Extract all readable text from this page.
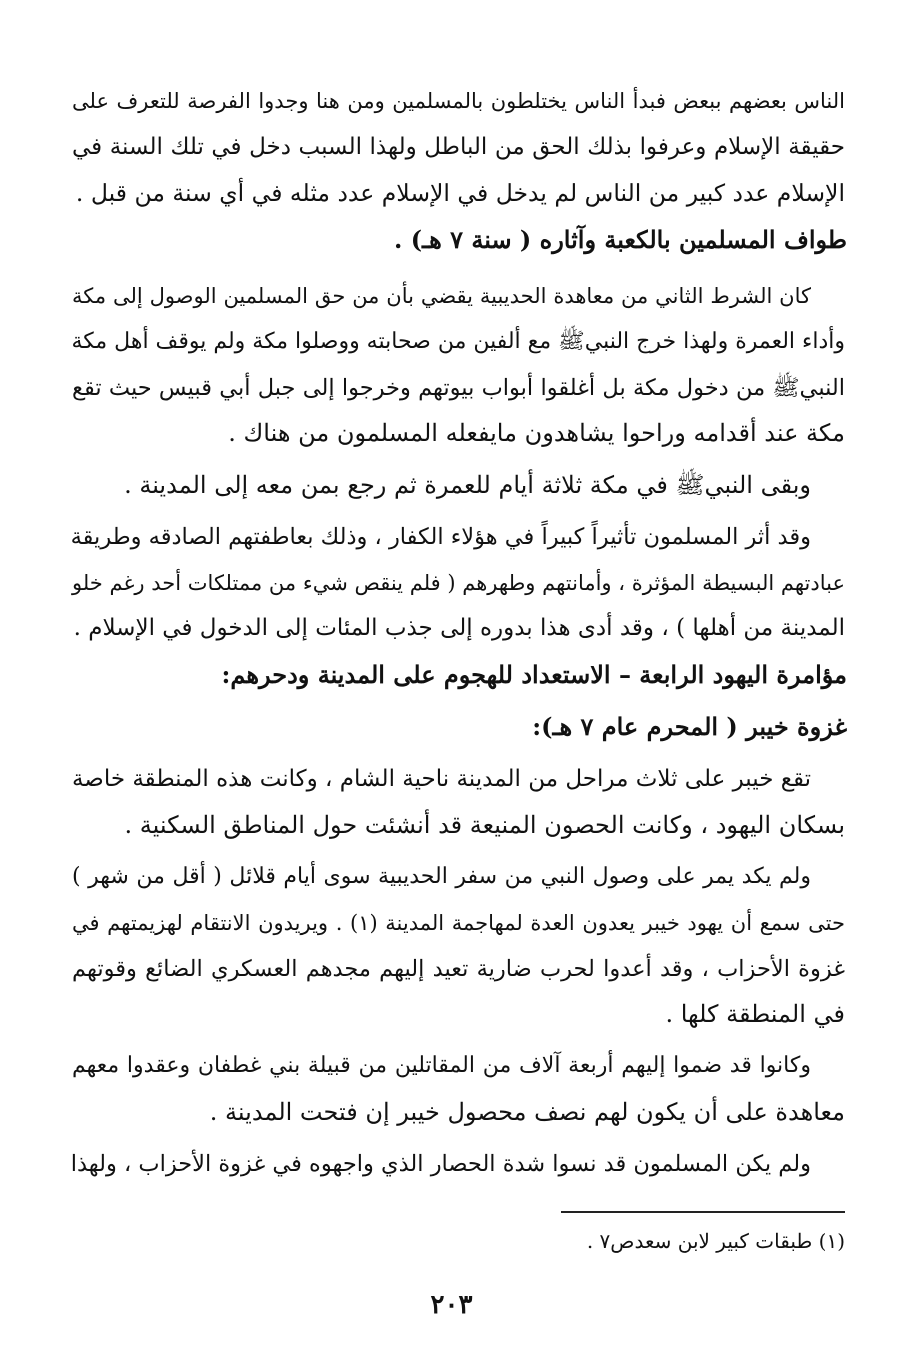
الناس بعضهم ببعض فبدأ الناس يختلطون بالمسلمين ومن هنا وجدوا الفرصة للتعرف على
حقيقة الإسلام وعرفوا بذلك الحق من الباطل ولهذا السبب دخل في تلك السنة في
الإسلام عدد كبير من الناس لم يدخل في الإسلام عدد مثله في أي سنة من قبل .
طواف المسلمين بالكعبة وآثاره ( سنة ٧ هـ) .
كان الشرط الثاني من معاهدة الحديبية يقضي بأن من حق المسلمين الوصول إلى مكة
وأداء العمرة ولهذا خرج النبيﷺ مع ألفين من صحابته ووصلوا مكة ولم يوقف أهل مكة
النبيﷺ من دخول مكة بل أغلقوا أبواب بيوتهم وخرجوا إلى جبل أبي قبيس حيث تقع
مكة عند أقدامه وراحوا يشاهدون مايفعله المسلمون من هناك .
وبقى النبيﷺ في مكة ثلاثة أيام للعمرة ثم رجع بمن معه إلى المدينة .
وقد أثر المسلمون تأثيراً كبيراً في هؤلاء الكفار ، وذلك بعاطفتهم الصادقه وطريقة
عبادتهم البسيطة المؤثرة ، وأمانتهم وطهرهم ( فلم ينقص شيء من ممتلكات أحد رغم خلو
المدينة من أهلها ) ، وقد أدى هذا بدوره إلى جذب المئات إلى الدخول في الإسلام .
مؤامرة اليهود الرابعة – الاستعداد للهجوم على المدينة ودحرهم:
غزوة خيبر ( المحرم عام ٧ هـ):
تقع خيبر على ثلاث مراحل من المدينة ناحية الشام ، وكانت هذه المنطقة خاصة
بسكان اليهود ، وكانت الحصون المنيعة قد أنشئت حول المناطق السكنية .
ولم يكد يمر على وصول النبي من سفر الحديبية سوى أيام قلائل ( أقل من شهر )
حتى سمع أن يهود خيبر يعدون العدة لمهاجمة المدينة (١) . ويريدون الانتقام لهزيمتهم في
غزوة الأحزاب ، وقد أعدوا لحرب ضارية تعيد إليهم مجدهم العسكري الضائع وقوتهم
في المنطقة كلها .
وكانوا قد ضموا إليهم أربعة آلاف من المقاتلين من قبيلة بني غطفان وعقدوا معهم
معاهدة على أن يكون لهم نصف محصول خيبر إن فتحت المدينة .
ولم يكن المسلمون قد نسوا شدة الحصار الذي واجهوه في غزوة الأحزاب ، ولهذا
(١) طبقات كبير لابن سعدص٧ .
٢٠٣
